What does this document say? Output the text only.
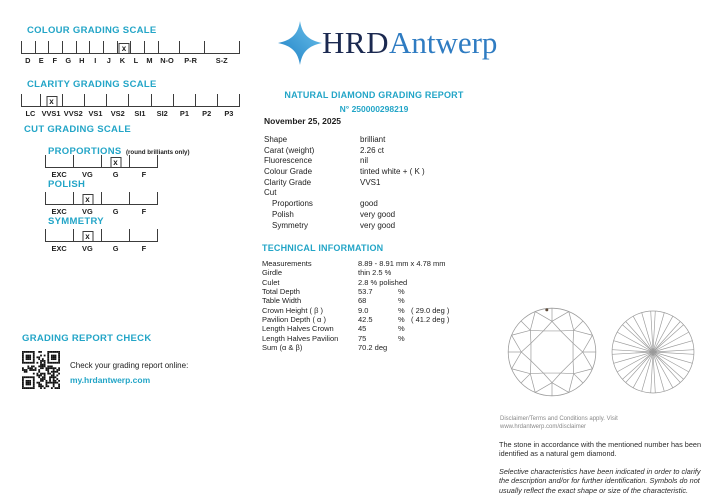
COLOUR GRADING SCALE
x
D	E	F	G	H	I	J	K	L	M	N-O	P-R	S-Z
CLARITY GRADING SCALE
x
LC VVS1 VVS2 VS1	VS2	SI1	SI2	P1	P2	P3
CUT GRADING SCALE
PROPORTIONS (round brilliants only)
x
EXC	VG	G	F
POLISH
x
EXC	VG	G	F
SYMMETRY
x
EXC	VG	G	F
GRADING REPORT CHECK
Check your grading report online:
my.hrdantwerp.com
HRD Antwerp
NATURAL DIAMOND GRADING REPORT
N° 250000298219
November 25, 2025
Shape	brilliant
Carat (weight)	2.26 ct
Fluorescence	nil
Colour Grade	tinted white + ( K )
Clarity Grade	VVS1
Cut
Proportions	good
Polish	very good
Symmetry	very good
TECHNICAL INFORMATION
Measurements	8.89 - 8.91 mm x 4.78 mm
Girdle	thin 2.5 %
Culet	2.8 % polished
Total Depth	53.7	%
Table Width	68	%
Crown Height ( β )	9.0	% ( 29.0 deg )
Pavilion Depth ( α )	42.5	% ( 41.2 deg )
Length Halves Crown	45	%
Length Halves Pavilion	75	%
Sum (α & β)	70.2 deg
Disclaimer/Terms and Conditions apply. Visit
www.hrdantwerp.com/disclaimer
The stone in accordance with the mentioned number has been identified as a natural gem diamond.
Selective characteristics have been indicated in order to clarify the description and/or for further identification. Symbols do not usually reflect the exact shape or size of the characteristic.
